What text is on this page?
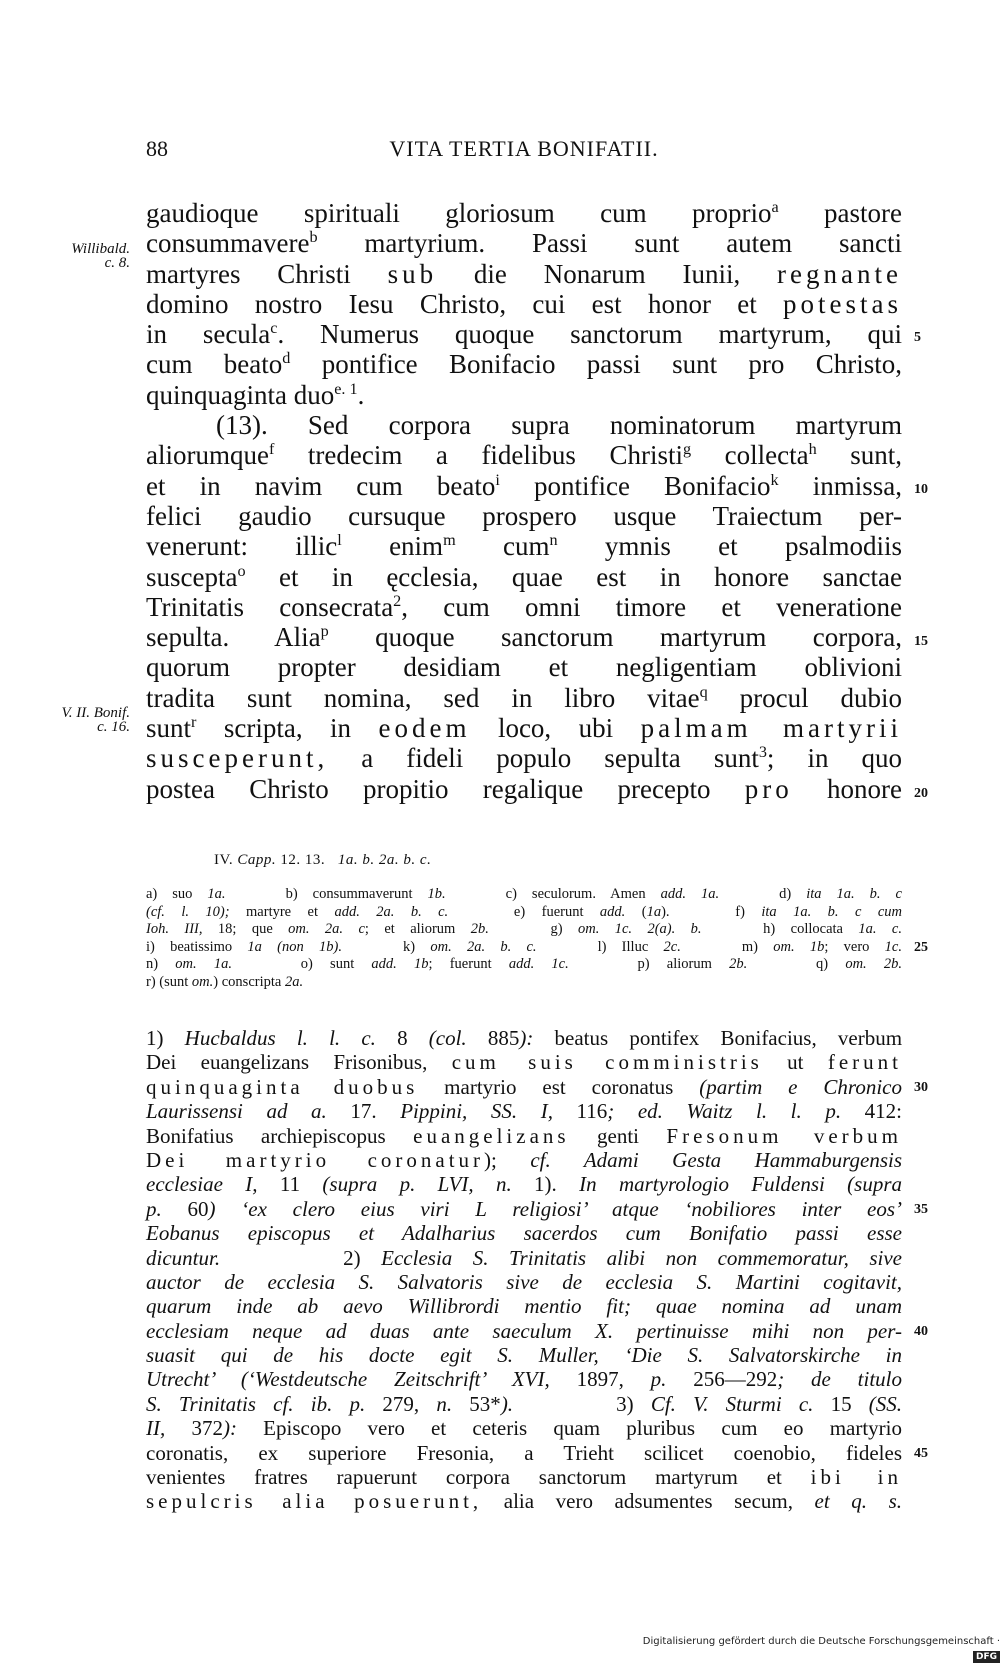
88	VITA TERTIA BONIFATII.
Willibald.
c. 8.
V. II. Bonif.
c. 16.
gaudioque spirituali gloriosum cum proprio$^a$ pastore
consummavere$^b$ martyrium. Passi sunt autem sancti
martyres Christi sub die Nonarum Iunii, regnante
domino nostro Iesu Christo, cui est honor et potestas
in secula$^c$. Numerus quoque sanctorum martyrum, qui
cum beato$^d$ pontifice Bonifacio passi sunt pro Christo,
quinquaginta duo$^{e. 1}$.
(13). Sed corpora supra nominatorum martyrum
aliorumque$^f$ tredecim a fidelibus Christi$^g$ collecta$^h$ sunt,
et in navim cum beato$^i$ pontifice Bonifacio$^k$ inmissa,
felici gaudio cursuque prospero usque Traiectum per-
venerunt: illic$^l$ enim$^m$ cum$^n$ ymnis et psalmodiis
suscepta$^o$ et in ęcclesia, quae est in honore sanctae
Trinitatis consecrata$^2$, cum omni timore et veneratione
sepulta. Alia$^p$ quoque sanctorum martyrum corpora,
quorum propter desidiam et negligentiam oblivioni
tradita sunt nomina, sed in libro vitae$^q$ procul dubio
sunt$^r$ scripta, in eodem loco, ubi palmam martyrii
susceperunt, a fideli populo sepulta sunt$^3$; in quo
postea Christo propitio regalique precepto pro honore
5
10
15
20
25
30
35
40
45
IV. Capp. 12. 13.   1a. b. 2a. b. c.
a) suo 1a.    b) consummaverunt 1b.    c) seculorum. Amen add. 1a.    d) ita 1a. b. c
(cf. l. 10); martyre et add. 2a. b. c.    e) fuerunt add. (1a).    f) ita 1a. b. c cum
Ioh. III, 18; que om. 2a. c; et aliorum 2b.    g) om. 1c. 2(a). b.    h) collocata 1a. c.
i) beatissimo 1a (non 1b).    k) om. 2a. b. c.    l) Illuc 2c.    m) om. 1b; vero 1c.
n) om. 1a.    o) sunt add. 1b; fuerunt add. 1c.    p) aliorum 2b.    q) om. 2b.
r) (sunt om.) conscripta 2a.
1) Hucbaldus l. l. c. 8 (col. 885): beatus pontifex Bonifacius, verbum
Dei euangelizans Frisonibus, cum suis comministris ut ferunt
quinquaginta duobus martyrio est coronatus (partim e Chronico
Laurissensi ad a. 17. Pippini, SS. I, 116; ed. Waitz l. l. p. 412:
Bonifatius archiepiscopus euangelizans genti Fresonum verbum
Dei martyrio coronatur); cf. Adami Gesta Hammaburgensis
ecclesiae I, 11 (supra p. LVI, n. 1). In martyrologio Fuldensi (supra
p. 60) ‘ex clero eius viri L religiosi’ atque ‘nobiliores inter eos’
Eobanus episcopus et Adalharius sacerdos cum Bonifatio passi esse
dicuntur.      2) Ecclesia S. Trinitatis alibi non commemoratur, sive
auctor de ecclesia S. Salvatoris sive de ecclesia S. Martini cogitavit,
quarum inde ab aevo Willibrordi mentio fit; quae nomina ad unam
ecclesiam neque ad duas ante saeculum X. pertinuisse mihi non per-
suasit qui de his docte egit S. Muller, ‘Die S. Salvatorskirche in
Utrecht’ (‘Westdeutsche Zeitschrift’ XVI, 1897, p. 256—292; de titulo
S. Trinitatis cf. ib. p. 279, n. 53*).      3) Cf. V. Sturmi c. 15 (SS.
II, 372): Episcopo vero et ceteris quam pluribus cum eo martyrio
coronatis, ex superiore Fresonia, a Trieht scilicet coenobio, fideles
venientes fratres rapuerunt corpora sanctorum martyrum et ibi in
sepulcris alia posuerunt, alia vero adsumentes secum, et q. s.
Digitalisierung gefördert durch die Deutsche Forschungsgemeinschaft ·DFG
